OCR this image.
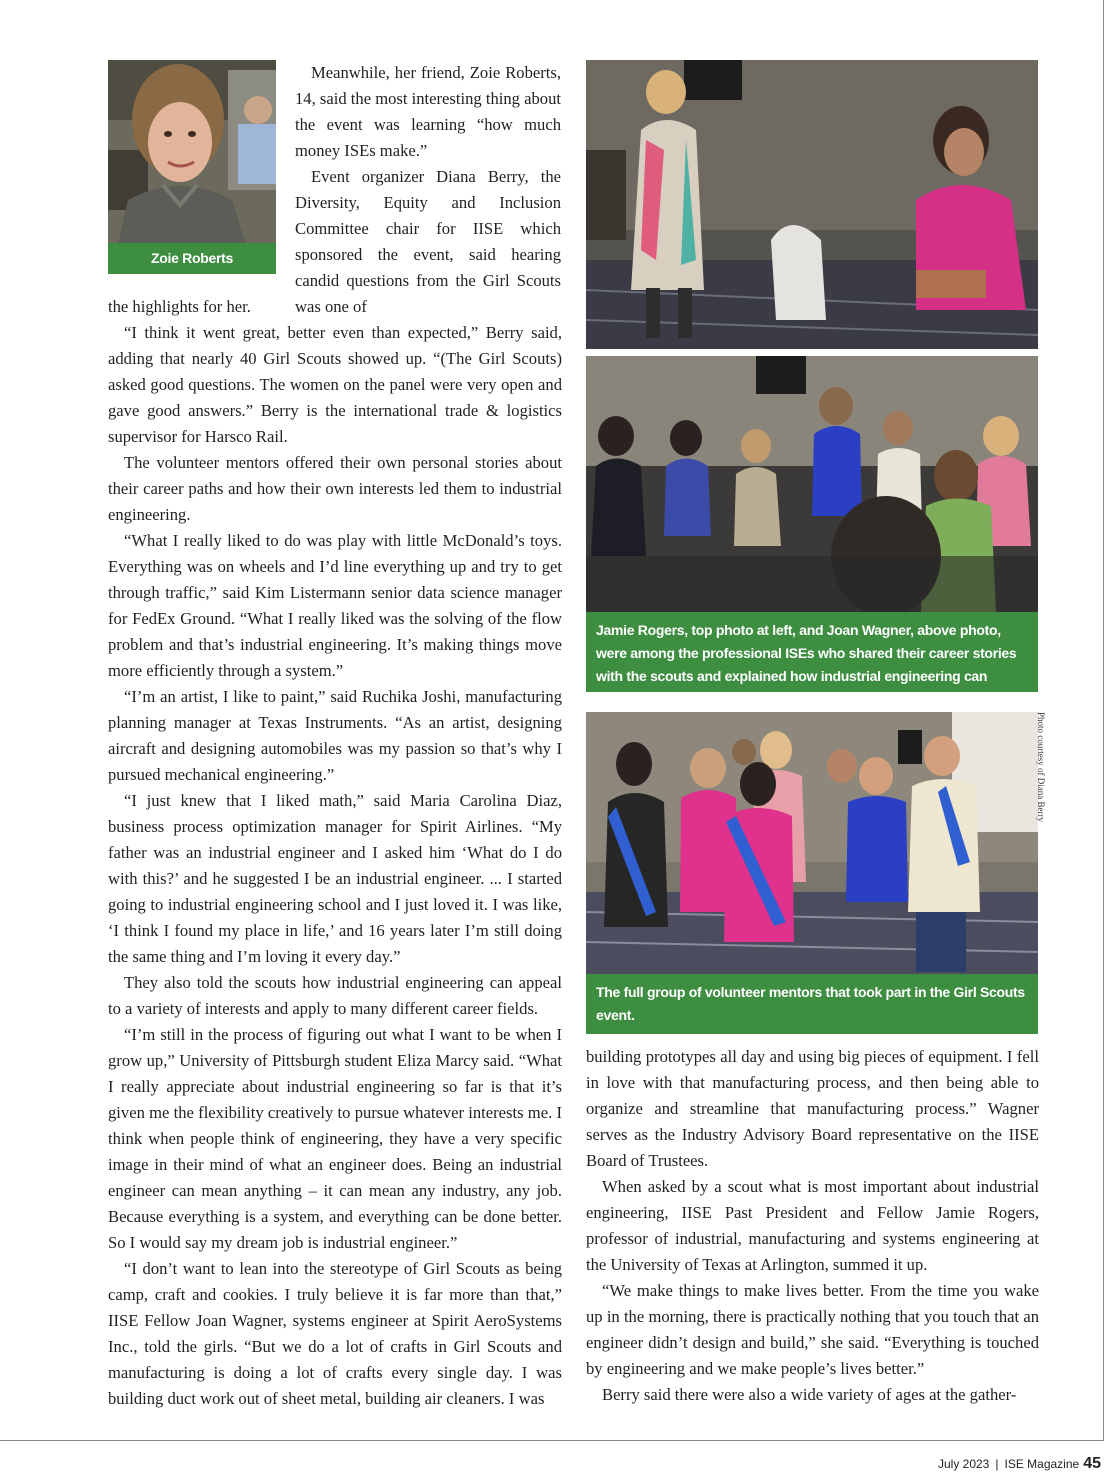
Zoie Roberts

Meanwhile, her friend, Zoie Roberts, 14, said the most interesting thing about the event was learning “how much money ISEs make.”

Event organizer Diana Berry, the Diversity, Equity and Inclusion Committee chair for IISE which sponsored the event, said hearing candid questions from the Girl Scouts was one of

the highlights for her.

“I think it went great, better even than expected,” Berry said, adding that nearly 40 Girl Scouts showed up. “(The Girl Scouts) asked good questions. The women on the panel were very open and gave good answers.” Berry is the international trade & logistics supervisor for Harsco Rail.

The volunteer mentors offered their own personal stories about their career paths and how their own interests led them to industrial engineering.

“What I really liked to do was play with little McDonald’s toys. Everything was on wheels and I’d line everything up and try to get through traffic,” said Kim Listermann senior data science manager for FedEx Ground. “What I really liked was the solving of the flow problem and that’s industrial engineering. It’s making things move more efficiently through a system.”

“I’m an artist, I like to paint,” said Ruchika Joshi, manufacturing planning manager at Texas Instruments. “As an artist, designing aircraft and designing automobiles was my passion so that’s why I pursued mechanical engineering.”

“I just knew that I liked math,” said Maria Carolina Diaz, business process optimization manager for Spirit Airlines. “My father was an industrial engineer and I asked him ‘What do I do with this?’ and he suggested I be an industrial engineer. ... I started going to industrial engineering school and I just loved it. I was like, ‘I think I found my place in life,’ and 16 years later I’m still doing the same thing and I’m loving it every day.”

They also told the scouts how industrial engineering can appeal to a variety of interests and apply to many different career fields.

“I’m still in the process of figuring out what I want to be when I grow up,” University of Pittsburgh student Eliza Marcy said. “What I really appreciate about industrial engineering so far is that it’s given me the flexibility creatively to pursue whatever interests me. I think when people think of engineering, they have a very specific image in their mind of what an engineer does. Being an industrial engineer can mean anything – it can mean any industry, any job. Because everything is a system, and everything can be done better. So I would say my dream job is industrial engineer.”

“I don’t want to lean into the stereotype of Girl Scouts as being camp, craft and cookies. I truly believe it is far more than that,” IISE Fellow Joan Wagner, systems engineer at Spirit AeroSystems Inc., told the girls. “But we do a lot of crafts in Girl Scouts and manufacturing is doing a lot of crafts every single day. I was building duct work out of sheet metal, building air cleaners. I was

Jamie Rogers, top photo at left, and Joan Wagner, above photo, were among the professional ISEs who shared their career stories with the scouts and explained how industrial engineering can improve lives.
The full group of volunteer mentors that took part in the Girl Scouts event.
Photo courtesy of Diana Berry

building prototypes all day and using big pieces of equipment. I fell in love with that manufacturing process, and then being able to organize and streamline that manufacturing process.” Wagner serves as the Industry Advisory Board representative on the IISE Board of Trustees.

When asked by a scout what is most important about industrial engineering, IISE Past President and Fellow Jamie Rogers, professor of industrial, manufacturing and systems engineering at the University of Texas at Arlington, summed it up.

“We make things to make lives better. From the time you wake up in the morning, there is practically nothing that you touch that an engineer didn’t design and build,” she said. “Everything is touched by engineering and we make people’s lives better.”

Berry said there were also a wide variety of ages at the gather-

July 2023 | ISE Magazine 45
